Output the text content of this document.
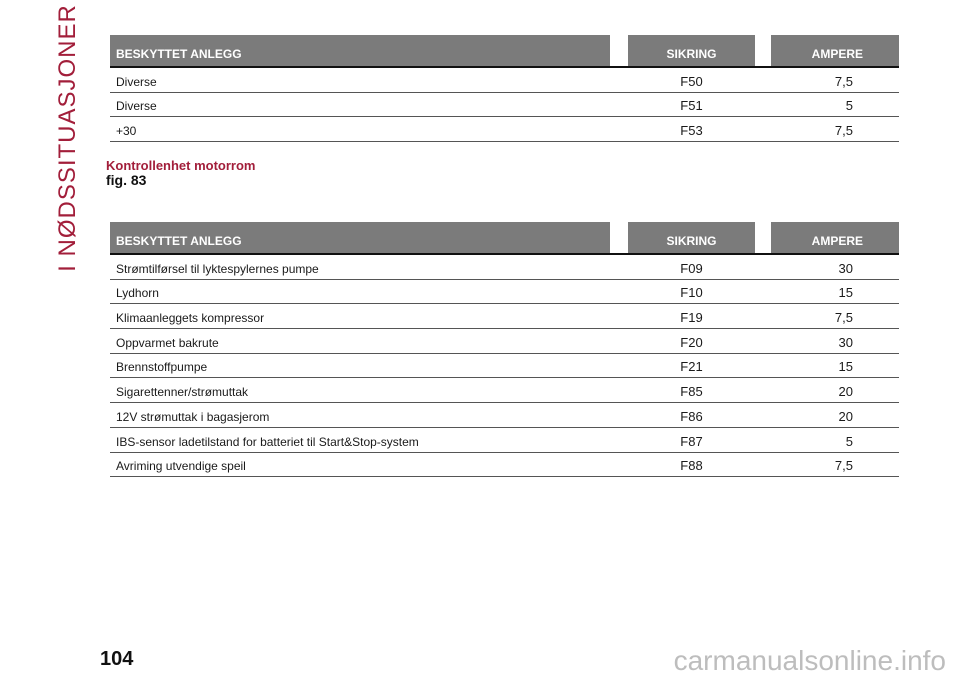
I NØDSSITUASJONER	BESKYTTET ANLEGG	SIKRING	AMPERE
Diverse	F50	7,5
Diverse	F51	5
+30	F53	7,5
Kontrollenhet motorrom
fig. 83
BESKYTTET ANLEGG	SIKRING	AMPERE
Strømtilførsel til lyktespylernes pumpe	F09	30
Lydhorn	F10	15
Klimaanleggets kompressor	F19	7,5
Oppvarmet bakrute	F20	30
Brennstoffpumpe	F21	15
Sigarettenner/strømuttak	F85	20
12V strømuttak i bagasjerom	F86	20
IBS-sensor ladetilstand for batteriet til Start&Stop-system	F87	5
Avriming utvendige speil	F88	7,5
104	carmanualsonline.info
